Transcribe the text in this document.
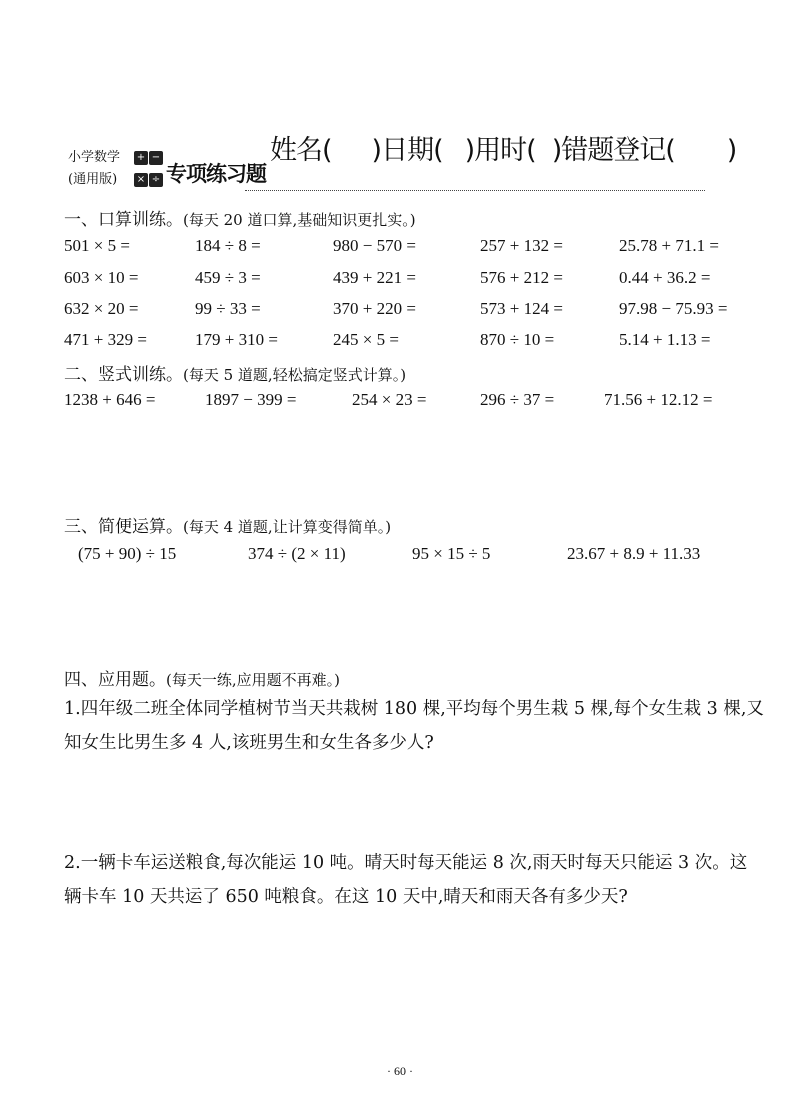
小学数学 + −
(通用版) × ÷ 专项练习题
姓名( )日期( )用时( )错题登记( )
一、口算训练。(每天 20 道口算,基础知识更扎实。)
501 × 5 =	184 ÷ 8 =	980 − 570 =	257 + 132 =	25.78 + 71.1 =
603 × 10 =	459 ÷ 3 =	439 + 221 =	576 + 212 =	0.44 + 36.2 =
632 × 20 =	99 ÷ 33 =	370 + 220 =	573 + 124 =	97.98 − 75.93 =
471 + 329 =	179 + 310 =	245 × 5 =	870 ÷ 10 =	5.14 + 1.13 =
二、竖式训练。(每天 5 道题,轻松搞定竖式计算。)
1238 + 646 =	1897 − 399 =	254 × 23 =	296 ÷ 37 =	71.56 + 12.12 =
三、简便运算。(每天 4 道题,让计算变得简单。)
(75 + 90) ÷ 15	374 ÷ (2 × 11)	95 × 15 ÷ 5	23.67 + 8.9 + 11.33
四、应用题。(每天一练,应用题不再难。)
1.四年级二班全体同学植树节当天共栽树 180 棵,平均每个男生栽 5 棵,每个女生栽 3 棵,又知女生比男生多 4 人,该班男生和女生各多少人?
2.一辆卡车运送粮食,每次能运 10 吨。晴天时每天能运 8 次,雨天时每天只能运 3 次。这辆卡车 10 天共运了 650 吨粮食。在这 10 天中,晴天和雨天各有多少天?
· 60 ·
